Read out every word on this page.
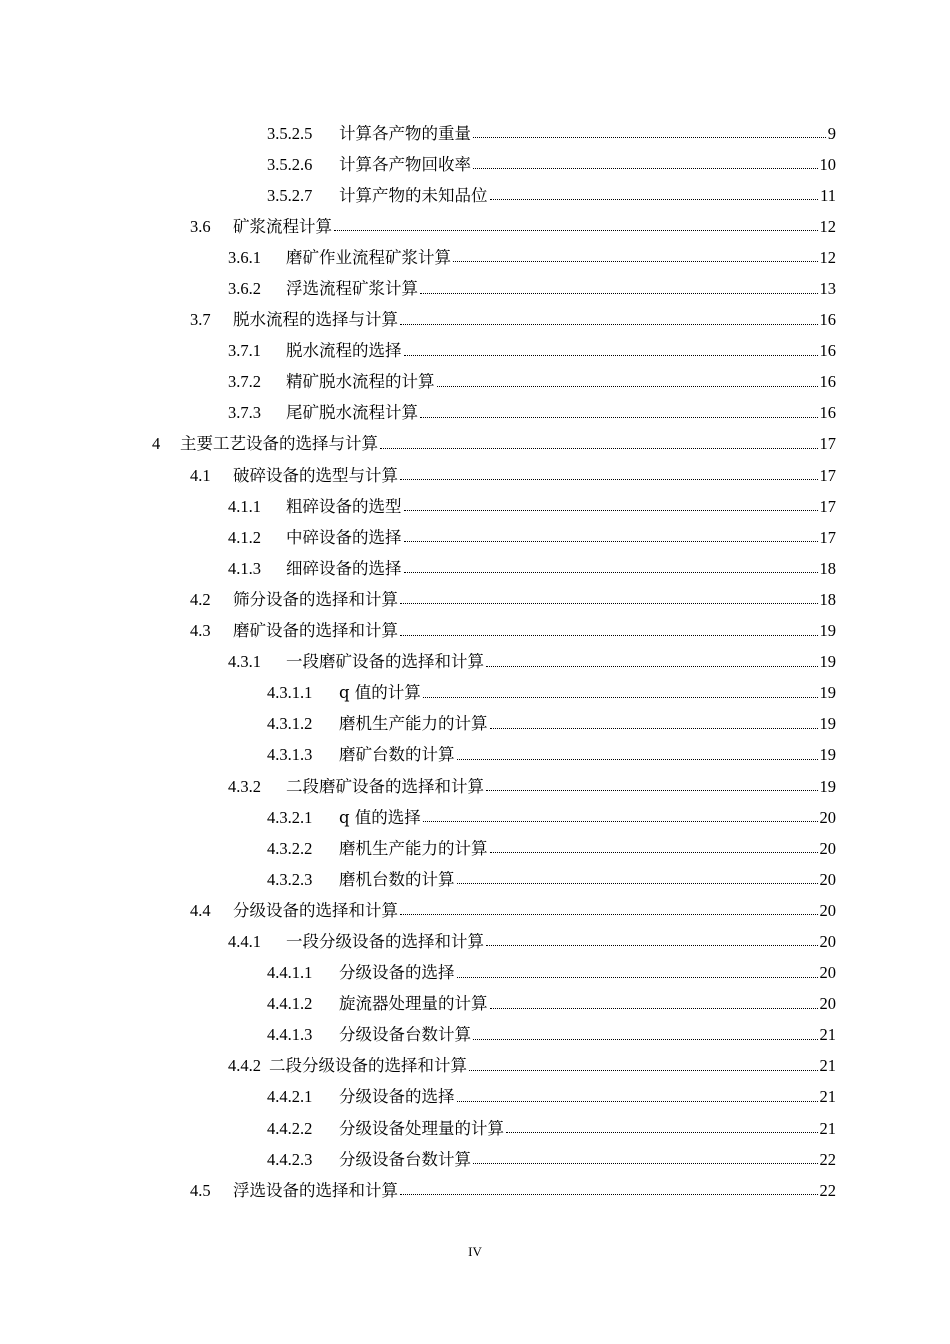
3.5.2.5	计算各产物的重量	9
3.5.2.6	计算各产物回收率	10
3.5.2.7	计算产物的未知品位	11
3.6	矿浆流程计算	12
3.6.1	磨矿作业流程矿浆计算	12
3.6.2	浮选流程矿浆计算	13
3.7	脱水流程的选择与计算	16
3.7.1	脱水流程的选择	16
3.7.2	精矿脱水流程的计算	16
3.7.3	尾矿脱水流程计算	16
4	主要工艺设备的选择与计算	17
4.1	破碎设备的选型与计算	17
4.1.1	粗碎设备的选型	17
4.1.2	中碎设备的选择	17
4.1.3	细碎设备的选择	18
4.2	筛分设备的选择和计算	18
4.3	磨矿设备的选择和计算	19
4.3.1	一段磨矿设备的选择和计算	19
4.3.1.1	q 值的计算	19
4.3.1.2	磨机生产能力的计算	19
4.3.1.3	磨矿台数的计算	19
4.3.2	二段磨矿设备的选择和计算	19
4.3.2.1	q 值的选择	20
4.3.2.2	磨机生产能力的计算	20
4.3.2.3	磨机台数的计算	20
4.4	分级设备的选择和计算	20
4.4.1	一段分级设备的选择和计算	20
4.4.1.1	分级设备的选择	20
4.4.1.2	旋流器处理量的计算	20
4.4.1.3	分级设备台数计算	21
4.4.2 二段分级设备的选择和计算	21
4.4.2.1	分级设备的选择	21
4.4.2.2	分级设备处理量的计算	21
4.4.2.3	分级设备台数计算	22
4.5	浮选设备的选择和计算	22
IV
